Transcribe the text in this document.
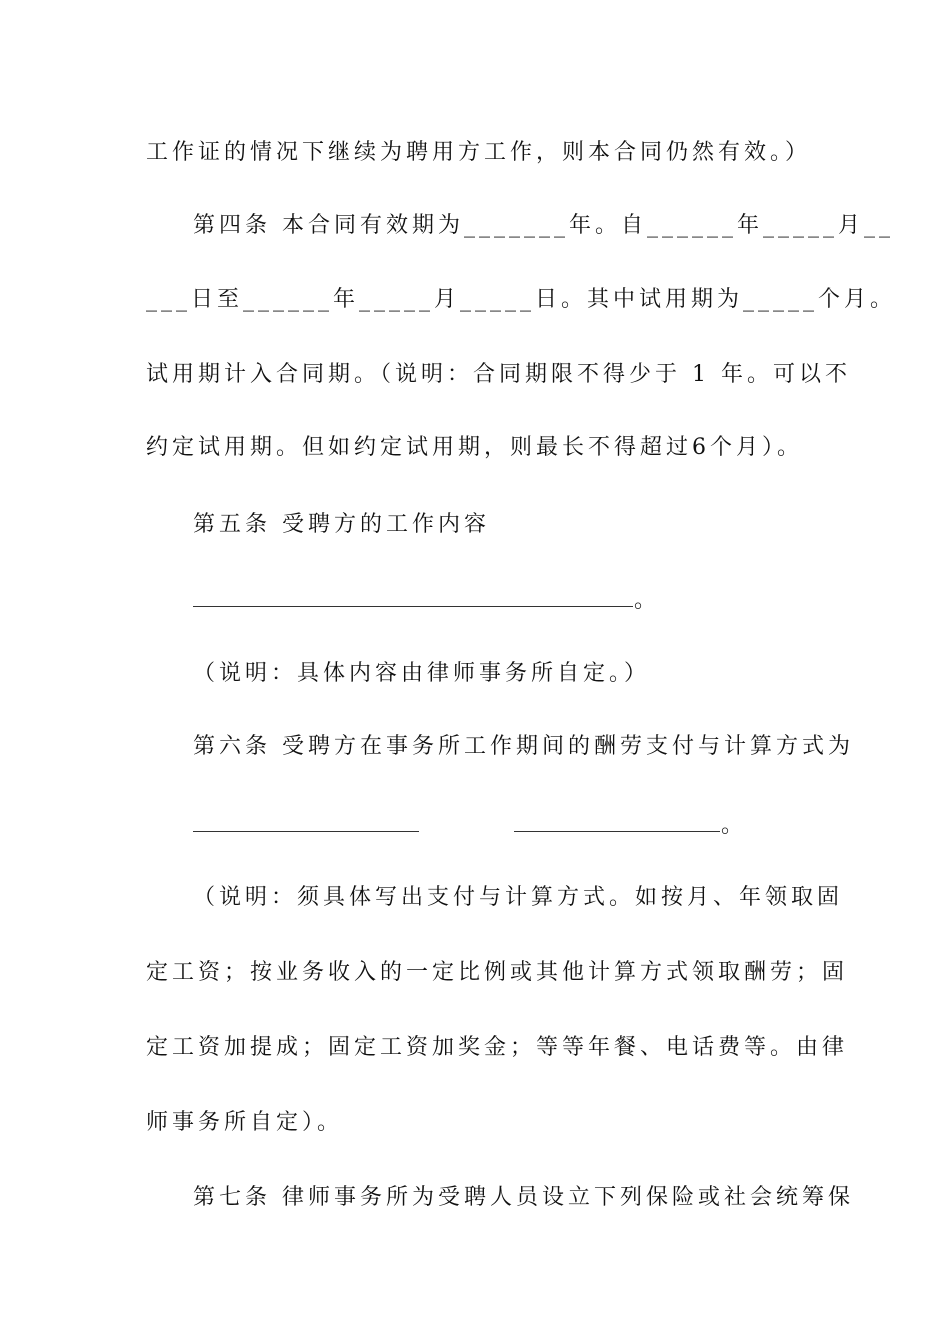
工作证的情况下继续为聘用方工作，则本合同仍然有效。）
第四条 本合同有效期为_______年。自______年_____月__
___日至______年_____月_____日。其中试用期为_____个月。
试用期计入合同期。（说明：合同期限不得少于 1 年。可以不
约定试用期。但如约定试用期，则最长不得超过6个月）。
第五条 受聘方的工作内容
。
（说明：具体内容由律师事务所自定。）
第六条 受聘方在事务所工作期间的酬劳支付与计算方式为
。
（说明：须具体写出支付与计算方式。如按月、年领取固
定工资；按业务收入的一定比例或其他计算方式领取酬劳；固
定工资加提成；固定工资加奖金；等等年餐、电话费等。由律
师事务所自定）。
第七条 律师事务所为受聘人员设立下列保险或社会统筹保
